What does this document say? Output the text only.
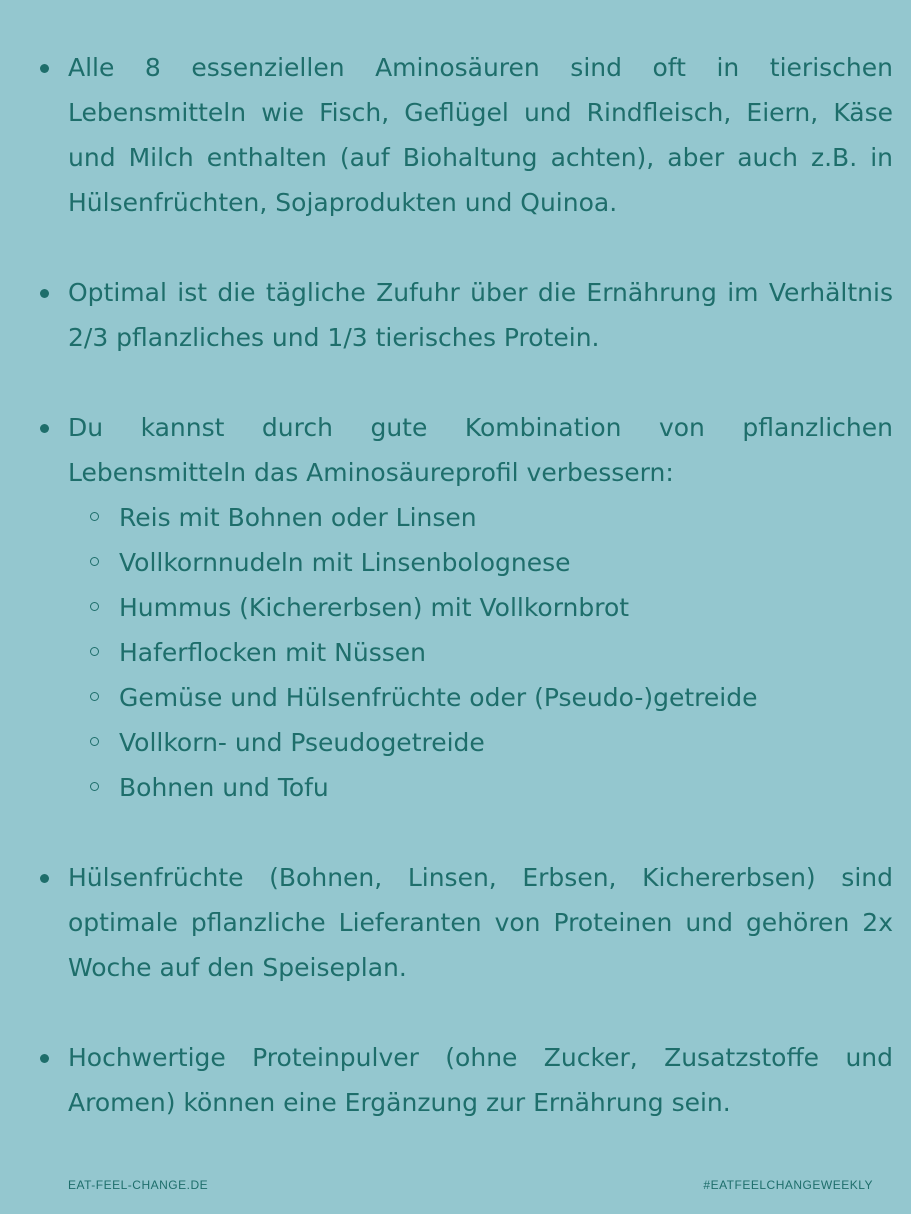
Alle 8 essenziellen Aminosäuren sind oft in tierischen Lebensmitteln wie Fisch, Geflügel und Rindfleisch, Eiern, Käse und Milch enthalten (auf Biohaltung achten), aber auch z.B. in Hülsenfrüchten, Sojaprodukten und Quinoa.
Optimal ist die tägliche Zufuhr über die Ernährung im Verhältnis 2/3 pflanzliches und 1/3 tierisches Protein.
Du kannst durch gute Kombination von pflanzlichen Lebensmitteln das Aminosäureprofil verbessern:
Reis mit Bohnen oder Linsen
Vollkornnudeln mit Linsenbolognese
Hummus (Kichererbsen) mit Vollkornbrot
Haferflocken mit Nüssen
Gemüse und Hülsenfrüchte oder (Pseudo-)getreide
Vollkorn- und Pseudogetreide
Bohnen und Tofu
Hülsenfrüchte (Bohnen, Linsen, Erbsen, Kichererbsen) sind optimale pflanzliche Lieferanten von Proteinen und gehören 2x Woche auf den Speiseplan.
Hochwertige Proteinpulver (ohne Zucker, Zusatzstoffe und Aromen) können eine Ergänzung zur Ernährung sein.
EAT-FEEL-CHANGE.DE	#EATFEELCHANGEWEEKLY
